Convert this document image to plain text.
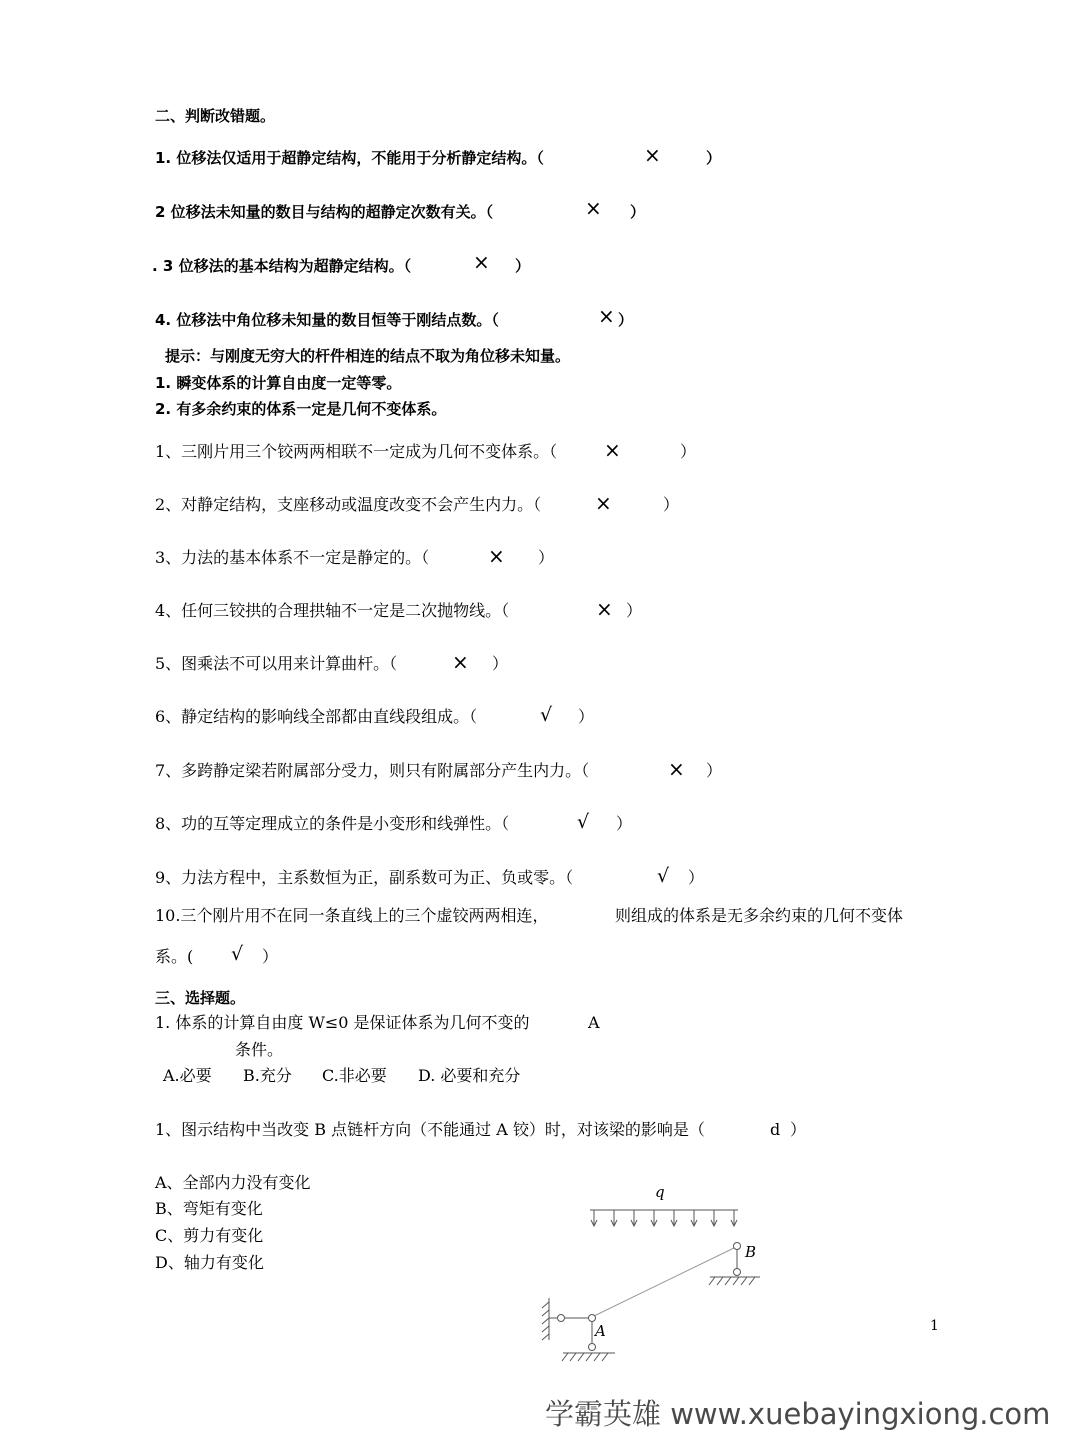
二、判断改错题。
1. 位移法仅适用于超静定结构，不能用于分析静定结构。（	×	）
2 位移法未知量的数目与结构的超静定次数有关。（	× ）
. 3 位移法的基本结构为超静定结构。（	× ）
4. 位移法中角位移未知量的数目恒等于刚结点数。（	× ）
提示：与刚度无穷大的杆件相连的结点不取为角位移未知量。
1. 瞬变体系的计算自由度一定等零。
2. 有多余约束的体系一定是几何不变体系。
1、三刚片用三个铰两两相联不一定成为几何不变体系。（ ×	）
2、对静定结构，支座移动或温度改变不会产生内力。（	×	）
3、力法的基本体系不一定是静定的。（	× ）
4、任何三铰拱的合理拱轴不一定是二次抛物线。（	× ）
5、图乘法不可以用来计算曲杆。（	× ）
6、静定结构的影响线全部都由直线段组成。（	√ ）
7、多跨静定梁若附属部分受力，则只有附属部分产生内力。（	× ）
8、功的互等定理成立的条件是小变形和线弹性。（	√ ）
9、力法方程中，主系数恒为正，副系数可为正、负或零。（	√ ）
10.三个刚片用不在同一条直线上的三个虚铰两两相连，	则组成的体系是无多余约束的几何不变体
系。( √ ）
三、选择题。
1. 体系的计算自由度 W≤0 是保证体系为几何不变的	A
条件。
A.必要 B.充分 C.非必要 D. 必要和充分
1、图示结构中当改变 B 点链杆方向（不能通过 A 铰）时，对该梁的影响是（	d ）
A、全部内力没有变化
B、弯矩有变化
C、剪力有变化
D、轴力有变化
q
B
A	1
学霸英雄 www.xuebayingxiong.com
